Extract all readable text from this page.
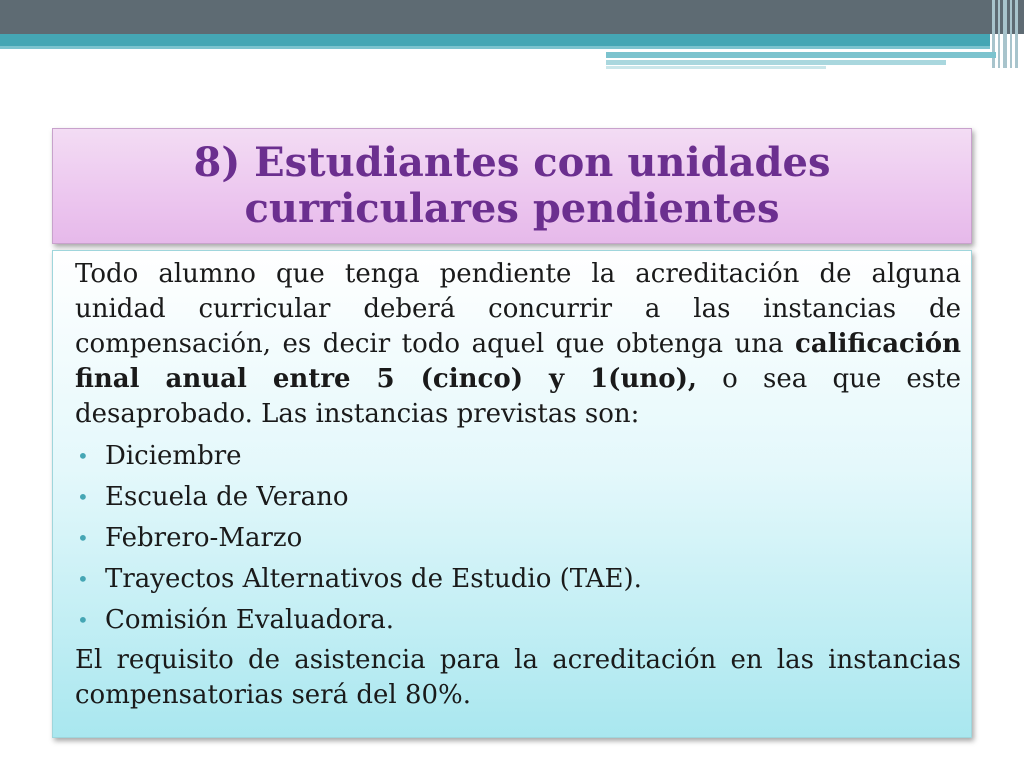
8) Estudiantes con unidades curriculares pendientes

Todo alumno que tenga pendiente la acreditación de alguna unidad curricular deberá concurrir a las instancias de compensación, es decir todo aquel que obtenga una calificación final anual entre 5 (cinco) y 1(uno), o sea que este desaprobado. Las instancias previstas son:

• Diciembre
• Escuela de Verano
• Febrero-Marzo
• Trayectos Alternativos de Estudio (TAE).
• Comisión Evaluadora.

El requisito de asistencia para la acreditación en las instancias compensatorias será del 80%.
